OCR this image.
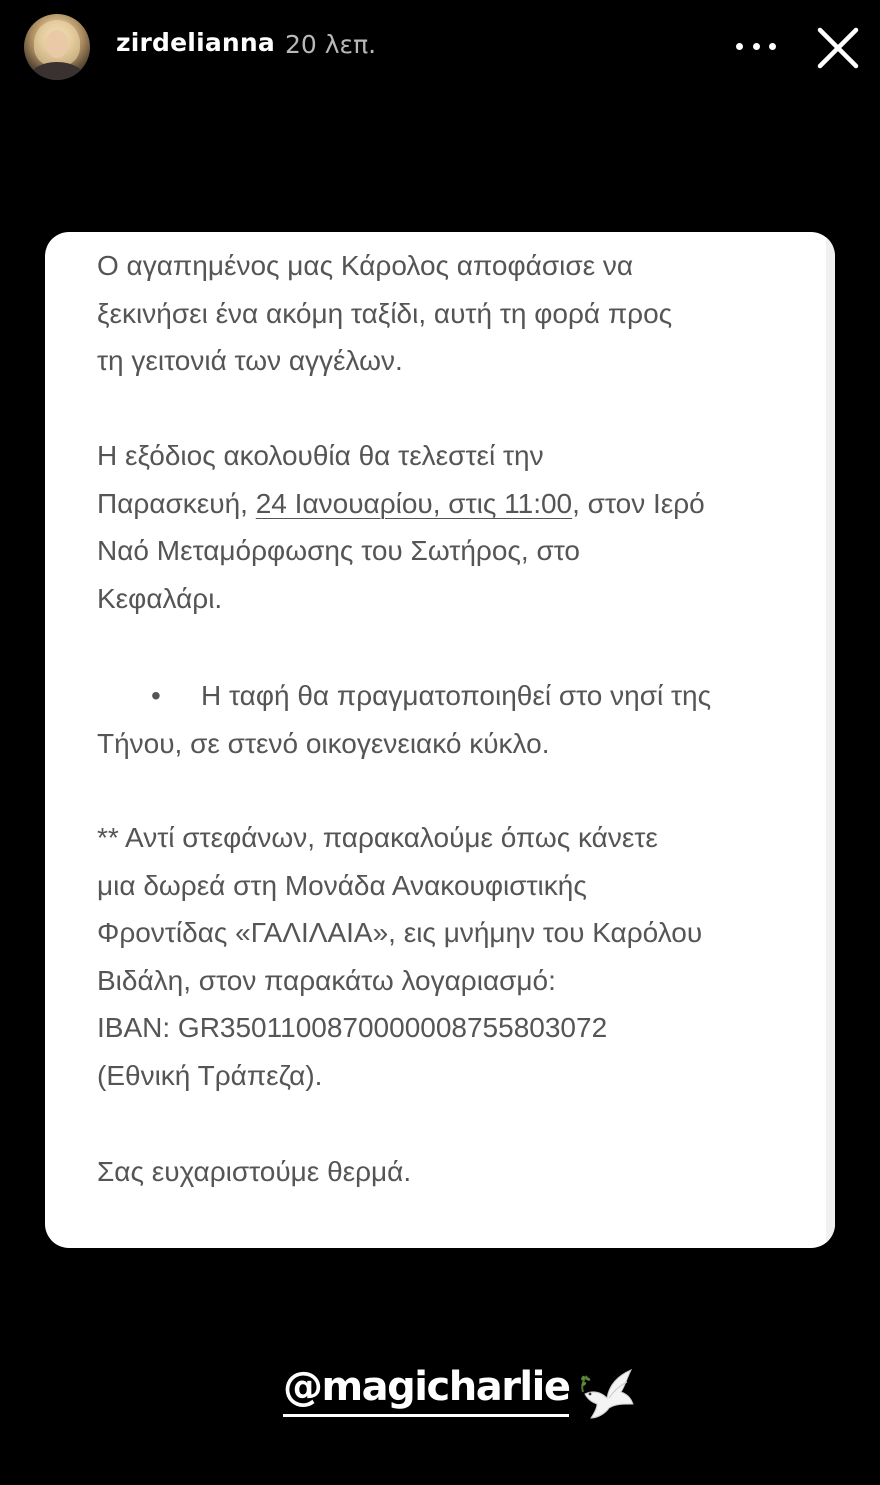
zirdelianna 20 λεπ.
Ο αγαπημένος μας Κάρολος αποφάσισε να
ξεκινήσει ένα ακόμη ταξίδι, αυτή τη φορά προς
τη γειτονιά των αγγέλων.
Η εξόδιος ακολουθία θα τελεστεί την
Παρασκευή, 24 Ιανουαρίου, στις 11:00, στον Ιερό
Ναό Μεταμόρφωσης του Σωτήρος, στο
Κεφαλάρι.
• Η ταφή θα πραγματοποιηθεί στο νησί της
Τήνου, σε στενό οικογενειακό κύκλο.
** Αντί στεφάνων, παρακαλούμε όπως κάνετε
μια δωρεά στη Μονάδα Ανακουφιστικής
Φροντίδας «ΓΑΛΙΛΑΙΑ», εις μνήμην του Καρόλου
Βιδάλη, στον παρακάτω λογαριασμό:
IBAN: GR3501100870000008755803072
(Εθνική Τράπεζα).
Σας ευχαριστούμε θερμά.
@magicharlie
